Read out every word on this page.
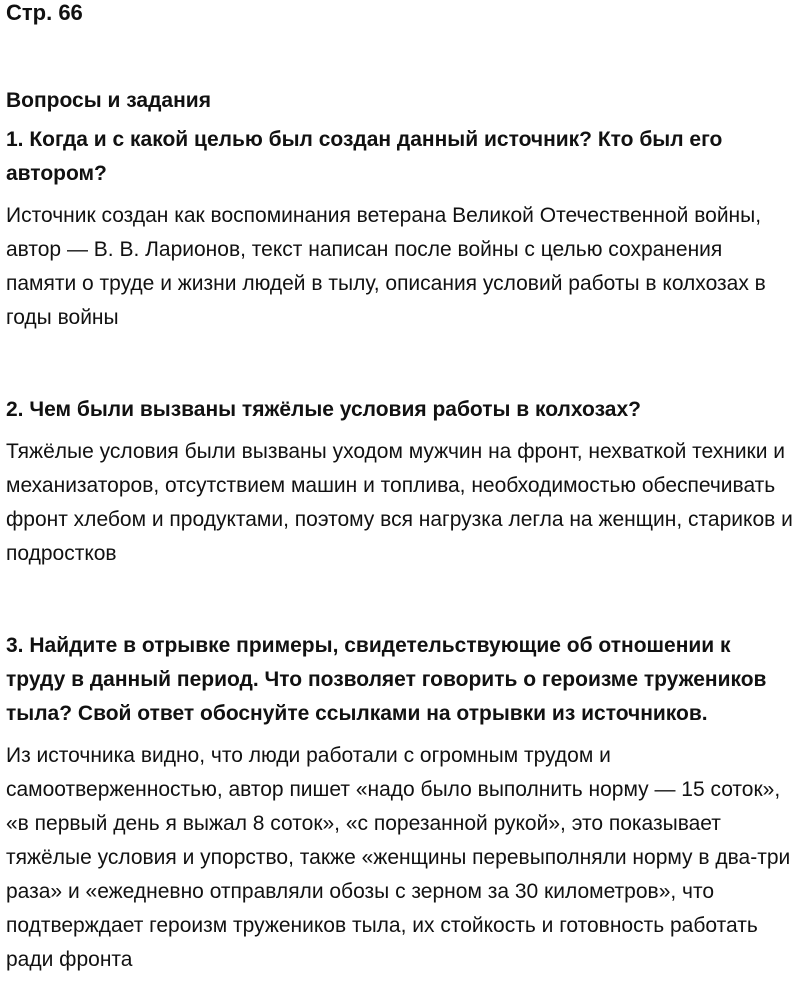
Стр. 66
Вопросы и задания

1. Когда и с какой целью был создан данный источник? Кто был его автором?

Источник создан как воспоминания ветерана Великой Отечественной войны, автор — В. В. Ларионов, текст написан после войны с целью сохранения памяти о труде и жизни людей в тылу, описания условий работы в колхозах в годы войны

2. Чем были вызваны тяжёлые условия работы в колхозах?

Тяжёлые условия были вызваны уходом мужчин на фронт, нехваткой техники и механизаторов, отсутствием машин и топлива, необходимостью обеспечивать фронт хлебом и продуктами, поэтому вся нагрузка легла на женщин, стариков и подростков

3. Найдите в отрывке примеры, свидетельствующие об отношении к труду в данный период. Что позволяет говорить о героизме тружеников тыла? Свой ответ обоснуйте ссылками на отрывки из источников.

Из источника видно, что люди работали с огромным трудом и самоотверженностью, автор пишет «надо было выполнить норму — 15 соток», «в первый день я выжал 8 соток», «с порезанной рукой», это показывает тяжёлые условия и упорство, также «женщины перевыполняли норму в два-три раза» и «ежедневно отправляли обозы с зерном за 30 километров», что подтверждает героизм тружеников тыла, их стойкость и готовность работать ради фронта
